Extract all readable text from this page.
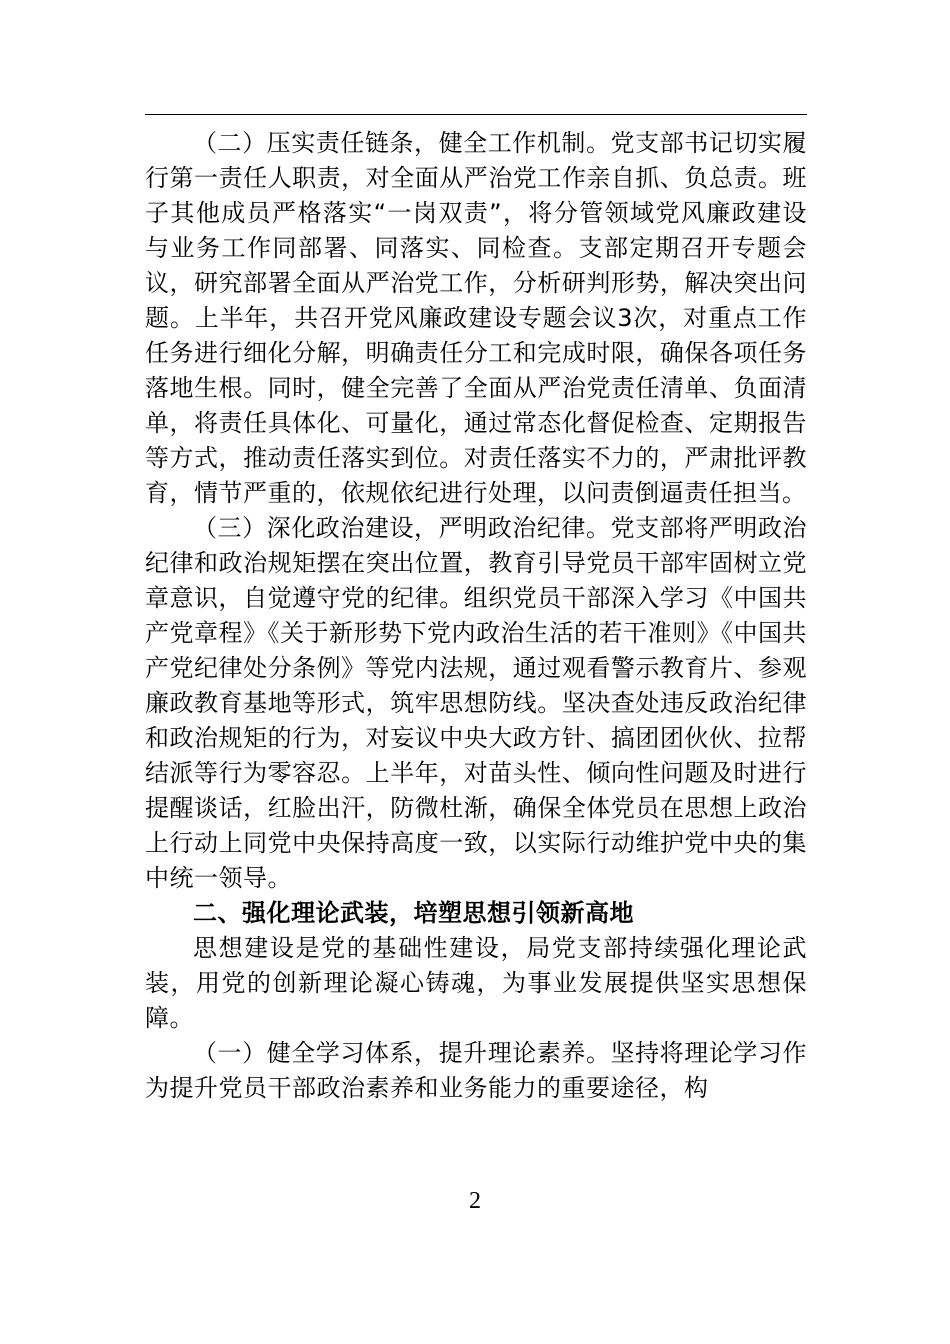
（二）压实责任链条，健全工作机制。党支部书记切实履行第一责任人职责，对全面从严治党工作亲自抓、负总责。班子其他成员严格落实“一岗双责”，将分管领域党风廉政建设与业务工作同部署、同落实、同检查。支部定期召开专题会议，研究部署全面从严治党工作，分析研判形势，解决突出问题。上半年，共召开党风廉政建设专题会议3次，对重点工作任务进行细化分解，明确责任分工和完成时限，确保各项任务落地生根。同时，健全完善了全面从严治党责任清单、负面清单，将责任具体化、可量化，通过常态化督促检查、定期报告等方式，推动责任落实到位。对责任落实不力的，严肃批评教育，情节严重的，依规依纪进行处理，以问责倒逼责任担当。

（三）深化政治建设，严明政治纪律。党支部将严明政治纪律和政治规矩摆在突出位置，教育引导党员干部牢固树立党章意识，自觉遵守党的纪律。组织党员干部深入学习《中国共产党章程》《关于新形势下党内政治生活的若干准则》《中国共产党纪律处分条例》等党内法规，通过观看警示教育片、参观廉政教育基地等形式，筑牢思想防线。坚决查处违反政治纪律和政治规矩的行为，对妄议中央大政方针、搞团团伙伙、拉帮结派等行为零容忍。上半年，对苗头性、倾向性问题及时进行提醒谈话，红脸出汗，防微杜渐，确保全体党员在思想上政治上行动上同党中央保持高度一致，以实际行动维护党中央的集中统一领导。

二、强化理论武装，培塑思想引领新高地

思想建设是党的基础性建设，局党支部持续强化理论武装，用党的创新理论凝心铸魂，为事业发展提供坚实思想保障。

（一）健全学习体系，提升理论素养。坚持将理论学习作为提升党员干部政治素养和业务能力的重要途径，构

2
